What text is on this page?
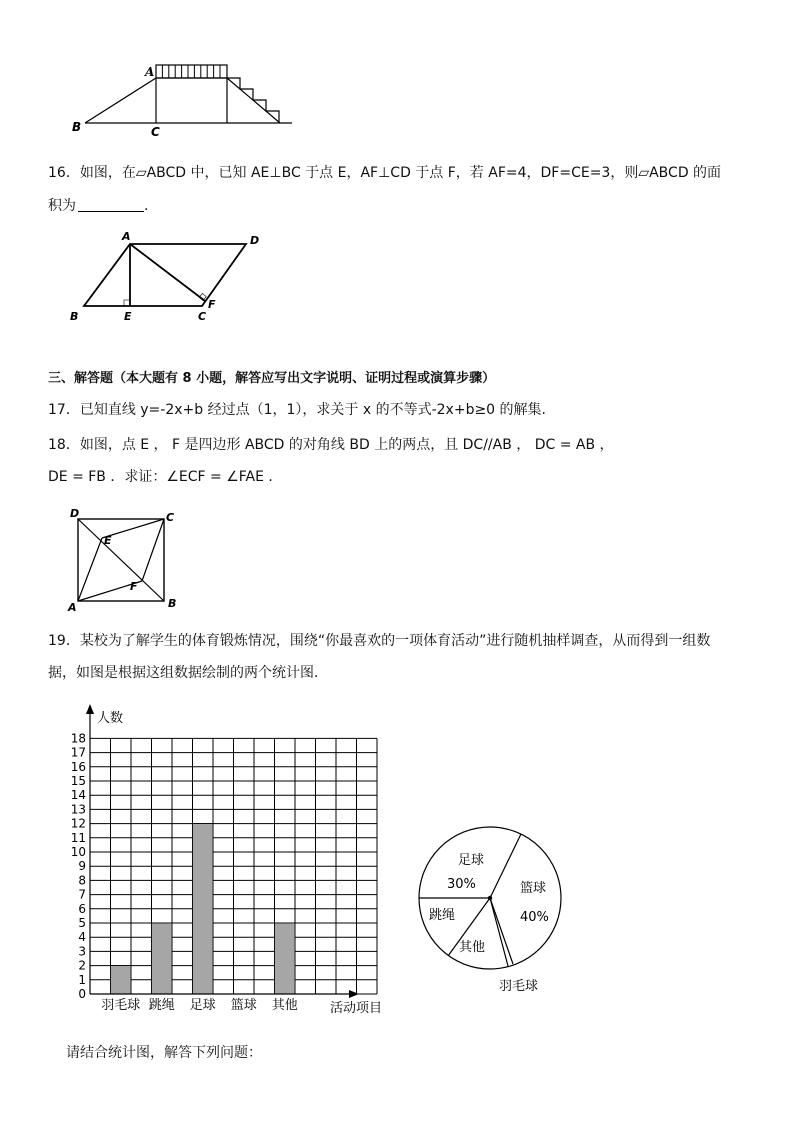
A
B	C
16．如图，在▱ABCD 中，已知 AE⊥BC 于点 E，AF⊥CD 于点 F，若 AF=4，DF=CE=3，则▱ABCD 的面
积为	.
A	D
B	E	C
F
三、解答题（本大题有 8 小题，解答应写出文字说明、证明过程或演算步骤）
17．已知直线 y=-2x+b 经过点（1，1），求关于 x 的不等式-2x+b≥0 的解集.
18．如图，点 E ， F 是四边形 ABCD 的对角线 BD 上的两点，且 DC//AB ， DC = AB ，
DE = FB ．求证：∠ECF = ∠FAE ．
D	C
E
F
A	B
19．某校为了解学生的体育锻炼情况，围绕“你最喜欢的一项体育活动”进行随机抽样调查，从而得到一组数
据，如图是根据这组数据绘制的两个统计图．
0
1
2
3
4
5
6
7
8
9
10
11
12
13
14
15
16
17
18
羽毛球 跳绳 足球 篮球 其他
人数
活动项目
足球
30%	篮球
40%
跳绳
其他
羽毛球
请结合统计图，解答下列问题：
